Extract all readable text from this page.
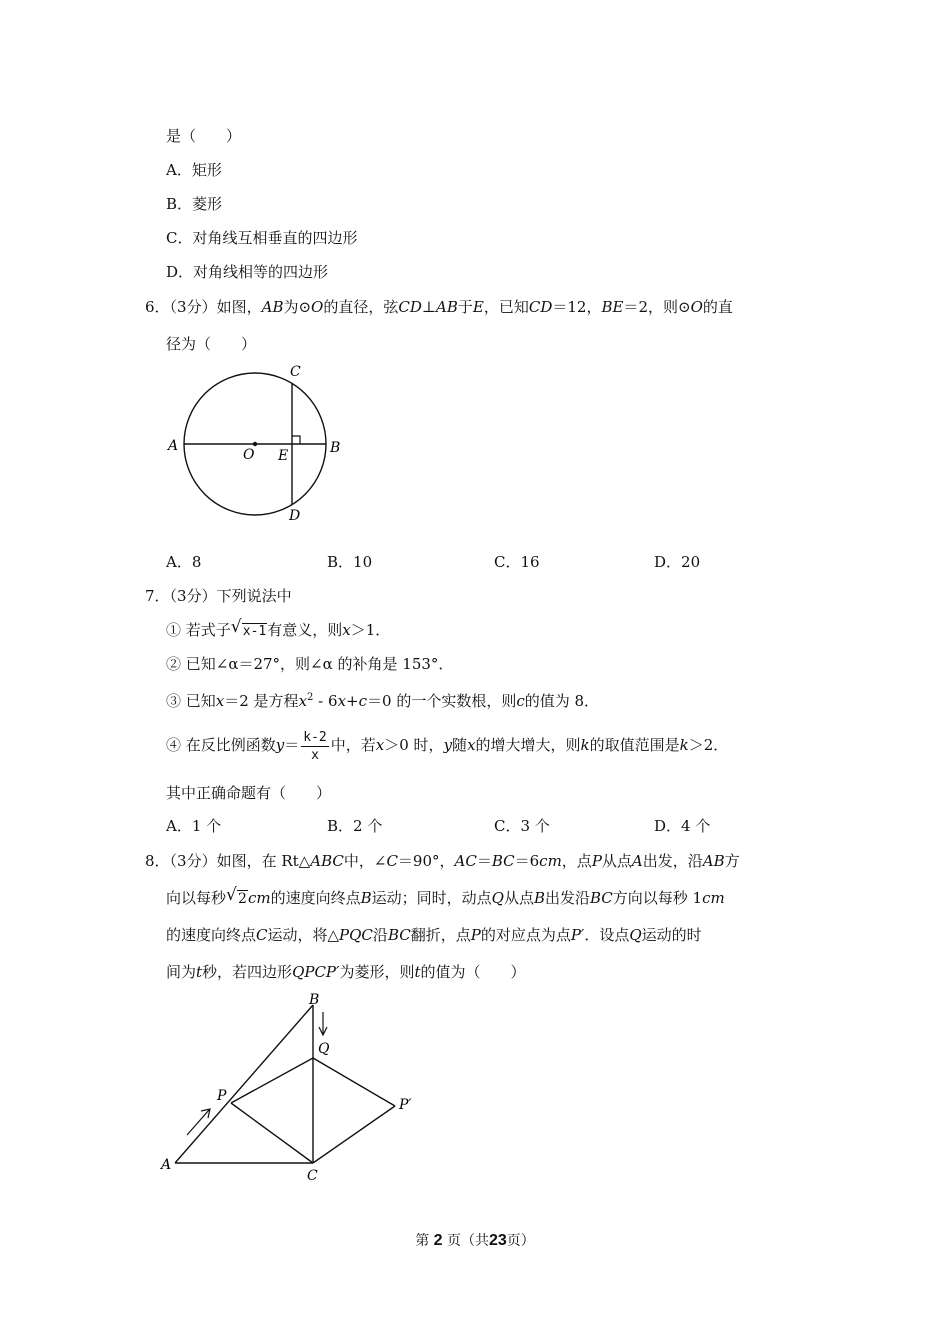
是（　　）
A．矩形
B．菱形
C．对角线互相垂直的四边形
D．对角线相等的四边形
6．（3分）如图，AB为⊙O的直径，弦CD⊥AB于E，已知CD＝12，BE＝2，则⊙O的直
径为（　　）
A	B
C
D
O E
A．8	B．10	C．16	D．20
7．（3分）下列说法中
① 若式子 √ x-1有意义，则x＞1．
② 已知∠α＝27°，则∠α 的补角是 153°．
③ 已知x＝2 是方程$x^2 - 6x+c=0$ 的一个实数根，则c的值为 8．
④ 在反比例函数$y= \frac{k-2}{x}$ 中，若x＞0 时，y随x的增大增大，则k的取值范围是k＞2．
其中正确命题有（　　）
A．1 个	B．2 个	C．3 个	D．4 个
8．（3分）如图，在 Rt△ABC中，∠C＝90°，AC＝BC＝6cm，点P从点A出发，沿AB方
向以每秒 √ 2cm的速度向终点B运动；同时，动点Q从点B出发沿BC方向以每秒 1cm
的速度向终点C运动，将△PQC沿BC翻折，点P的对应点为点P′．设点Q运动的时
间为t秒，若四边形QPCP′为菱形，则t的值为（　　）
A
B
C
P
Q
P′
第 2 页（共23页）
